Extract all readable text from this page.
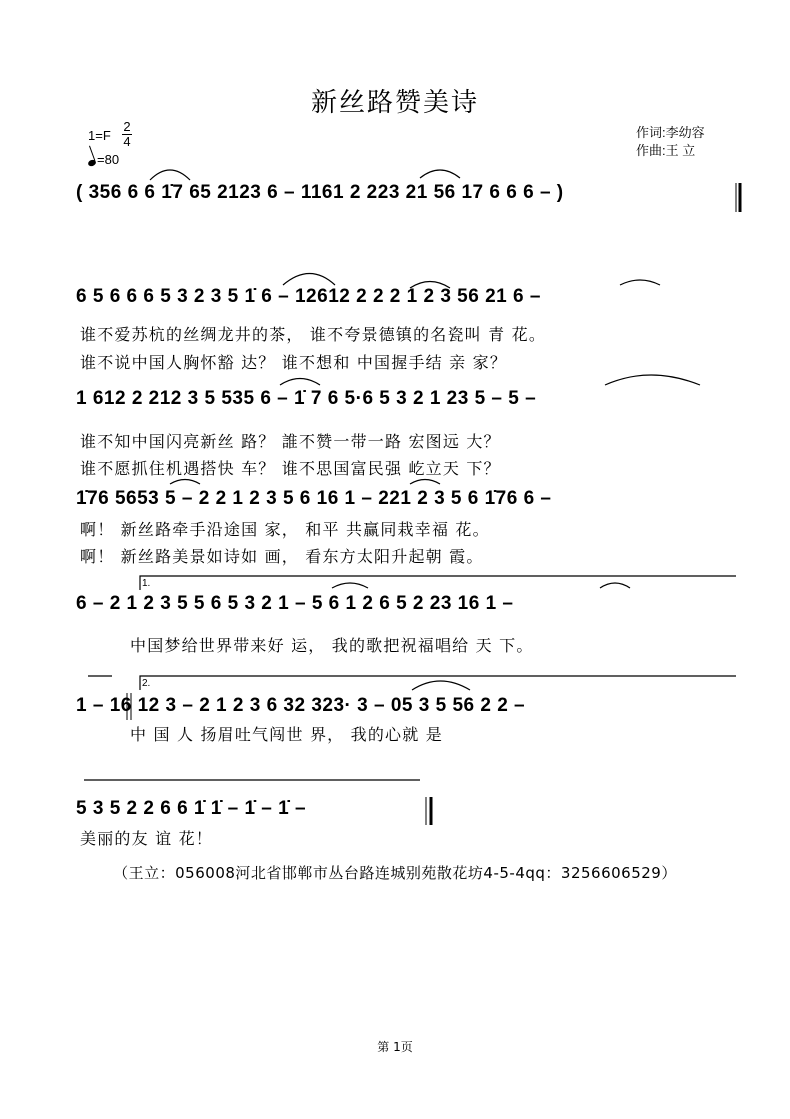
新丝路赞美诗
1=F
2
4
=80
作词:李幼容
作曲:王 立
1.
2.
( 356 6 6 1̇7 65 2123 6 – 1161 2 223 21 56 17 6 6 6 – )
6 5 6 6 6 5 3 2 3 5 1̇ 6 – 12612 2 2 2 1 2 3 56 21 6 –
谁不爱苏杭的丝绸龙井的茶， 谁不夸景德镇的名瓷叫 青 花。
谁不说中国人胸怀豁 达？ 谁不想和 中国握手结 亲 家？
1 612 2 212 3 5 535 6 – 1̇ 7 6 5·6 5 3 2 1 23 5 – 5 –
谁不知中国闪亮新丝 路？ 誰不赞一带一路 宏图远 大？
谁不愿抓住机遇搭快 车？ 谁不思国富民强 屹立天 下？
1̇76 5653 5 – 2 2 1 2 3 5 6 16 1 – 221 2 3 5 6 1̇76 6 –
啊！ 新丝路牵手沿途国 家， 和平 共赢同栽幸福 花。
啊！ 新丝路美景如诗如 画， 看东方太阳升起朝 霞。
6 – 2 1 2 3 5 5 6 5 3 2 1 – 5 6 1 2 6 5 2 23 16 1 –
中国梦给世界带来好 运， 我的歌把祝福唱给 天 下。
1 – 16 12 3 – 2 1 2 3 6 32 323· 3 – 05 3 5 56 2 2 –
中 国 人 扬眉吐气闯世 界， 我的心就 是
5 3 5 2 2 6 6 1̇ 1̇ – 1̇ – 1̇ –
美丽的友 谊 花！
（王立：056008河北省邯郸市丛台路连城别苑散花坊4-5-4qq：3256606529）
第 1页
